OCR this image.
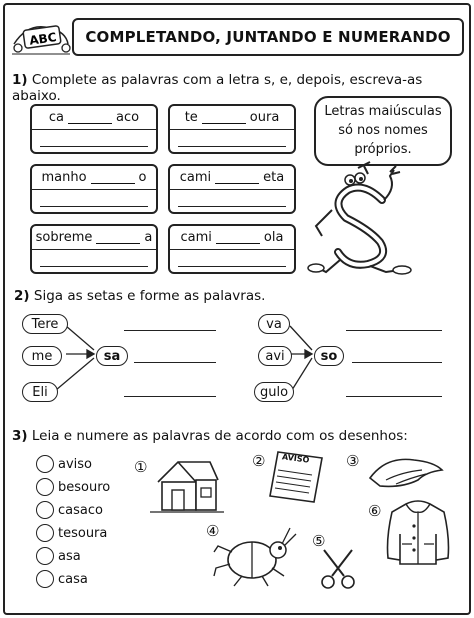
ABC COMPLETANDO, JUNTANDO E NUMERANDO
1) Complete as palavras com a letra s, e, depois, escreva-as abaixo.
ca	aco	te	oura
manho	o	cami	eta
sobreme	a cami	ola
Letras maiúsculas
só nos nomes
próprios.
2) Siga as setas e forme as palavras.
Tere
me
Eli
sa
va
avi
gulo
so
3) Leia e numere as palavras de acordo com os desenhos:
aviso
besouro
casaco
tesoura
asa
casa
①	② AVISO ③
④
⑤
⑥
